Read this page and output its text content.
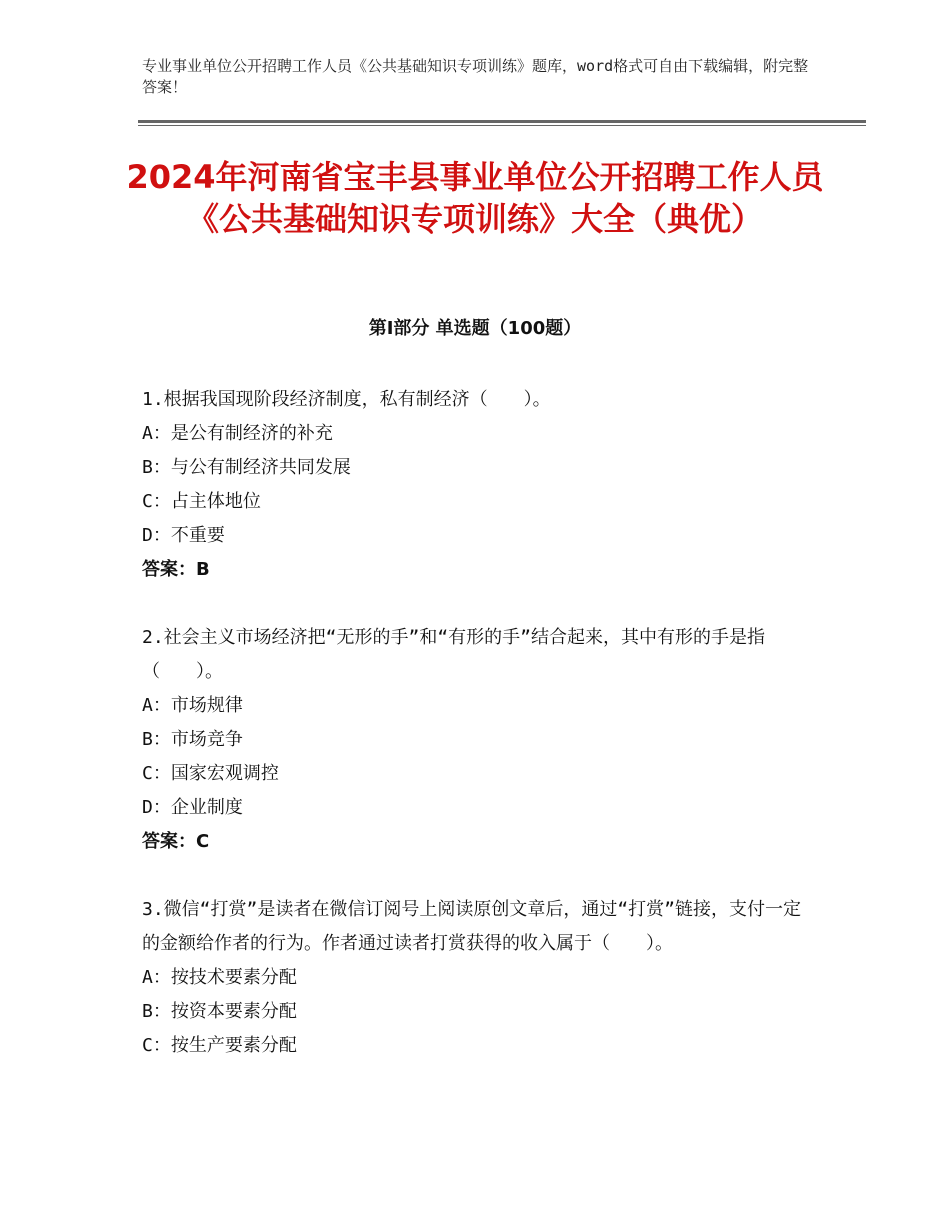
专业事业单位公开招聘工作人员《公共基础知识专项训练》题库，word格式可自由下载编辑，附完整答案！
2024年河南省宝丰县事业单位公开招聘工作人员《公共基础知识专项训练》大全（典优）
第Ⅰ部分 单选题（100题）
1.根据我国现阶段经济制度，私有制经济（　　）。
A：是公有制经济的补充
B：与公有制经济共同发展
C：占主体地位
D：不重要
答案：B
2.社会主义市场经济把“无形的手”和“有形的手”结合起来，其中有形的手是指（　　）。
A：市场规律
B：市场竞争
C：国家宏观调控
D：企业制度
答案：C
3.微信“打赏”是读者在微信订阅号上阅读原创文章后，通过“打赏”链接，支付一定的金额给作者的行为。作者通过读者打赏获得的收入属于（　　）。
A：按技术要素分配
B：按资本要素分配
C：按生产要素分配
